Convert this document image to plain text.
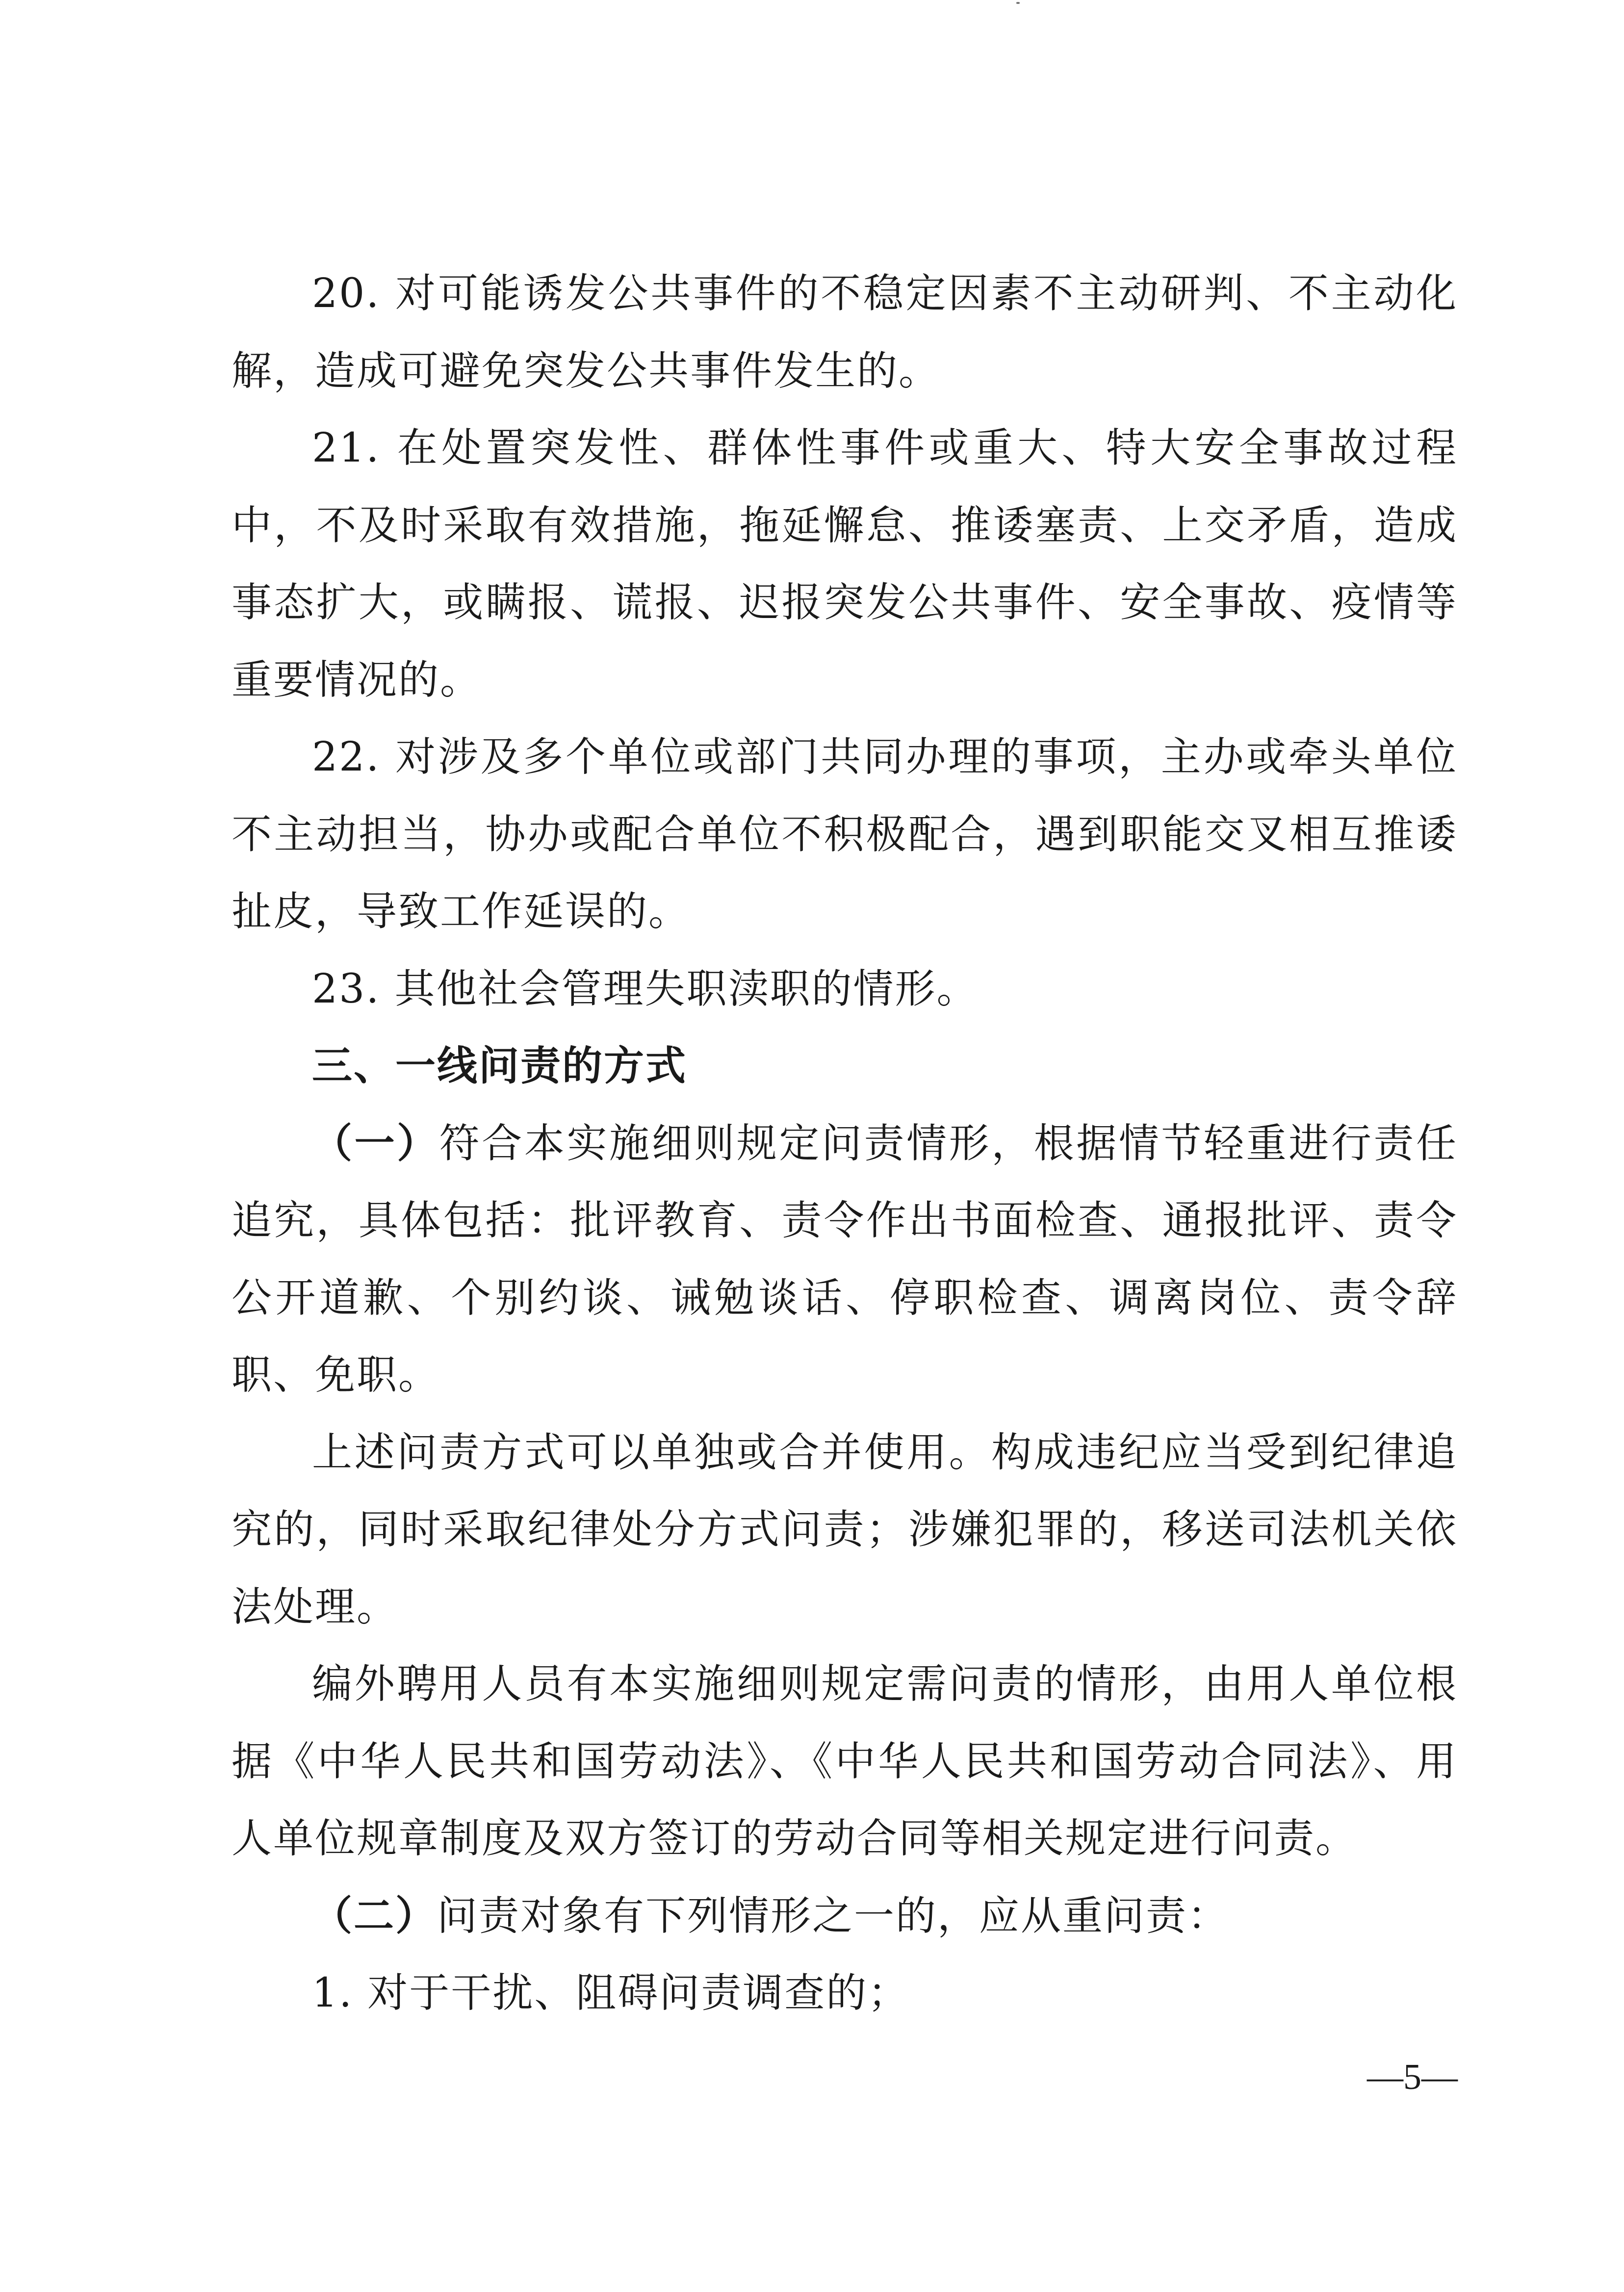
20. 对可能诱发公共事件的不稳定因素不主动研判、不主动化解，造成可避免突发公共事件发生的。

21. 在处置突发性、群体性事件或重大、特大安全事故过程中，不及时采取有效措施，拖延懈怠、推诿塞责、上交矛盾，造成事态扩大，或瞒报、谎报、迟报突发公共事件、安全事故、疫情等重要情况的。

22. 对涉及多个单位或部门共同办理的事项，主办或牵头单位不主动担当，协办或配合单位不积极配合，遇到职能交叉相互推诿扯皮，导致工作延误的。

23. 其他社会管理失职渎职的情形。

三、一线问责的方式

（一）符合本实施细则规定问责情形，根据情节轻重进行责任追究，具体包括：批评教育、责令作出书面检查、通报批评、责令公开道歉、个别约谈、诫勉谈话、停职检查、调离岗位、责令辞职、免职。

上述问责方式可以单独或合并使用。构成违纪应当受到纪律追究的，同时采取纪律处分方式问责；涉嫌犯罪的，移送司法机关依法处理。

编外聘用人员有本实施细则规定需问责的情形，由用人单位根据《中华人民共和国劳动法》、《中华人民共和国劳动合同法》、用人单位规章制度及双方签订的劳动合同等相关规定进行问责。

（二）问责对象有下列情形之一的，应从重问责：

1. 对于干扰、阻碍问责调查的；

—5—
